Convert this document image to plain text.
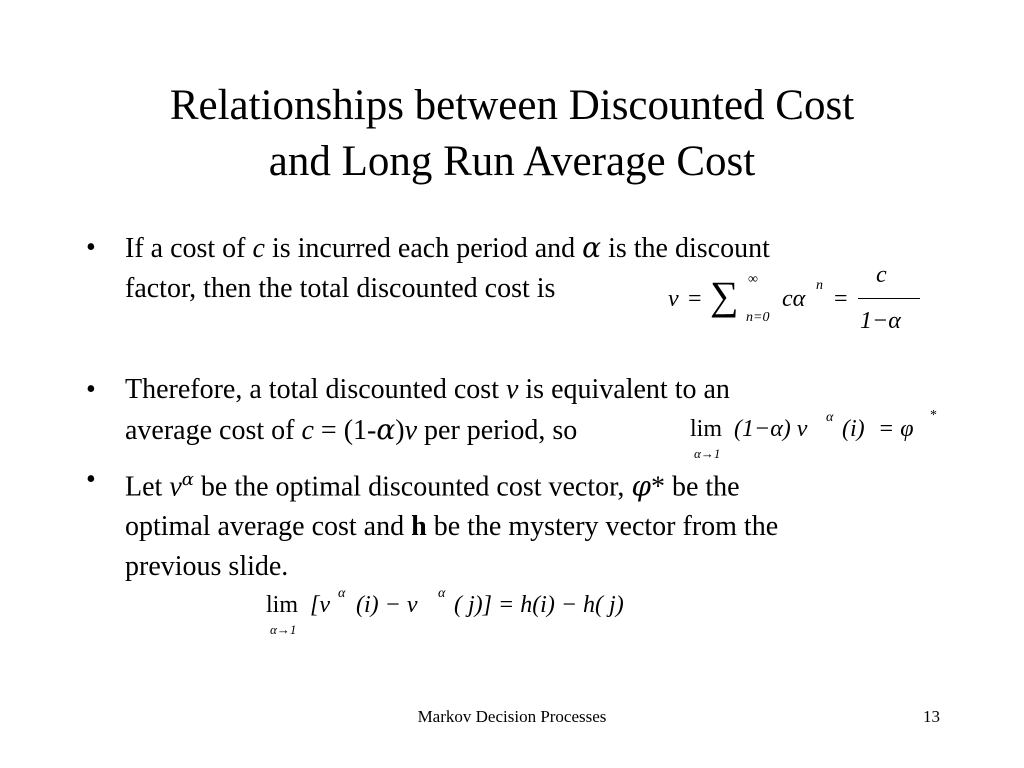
Relationships between Discounted Cost
and Long Run Average Cost
• If a cost of c is incurred each period and α is the discount
factor, then the total discounted cost is
• Therefore, a total discounted cost v is equivalent to an
average cost of c = (1-α)v per period, so
• Let $v^\alpha$ be the optimal discounted cost vector, φ* be the
optimal average cost and h be the mystery vector from the
previous slide.
v = ∑ ∞
n=0
cα
n
=
c
1−α
lim
α→1
(1−α) v α (i) = φ
*
lim
α→1
[v α (i) − v α ( j)] = h(i) − h( j)
Markov Decision Processes	13
